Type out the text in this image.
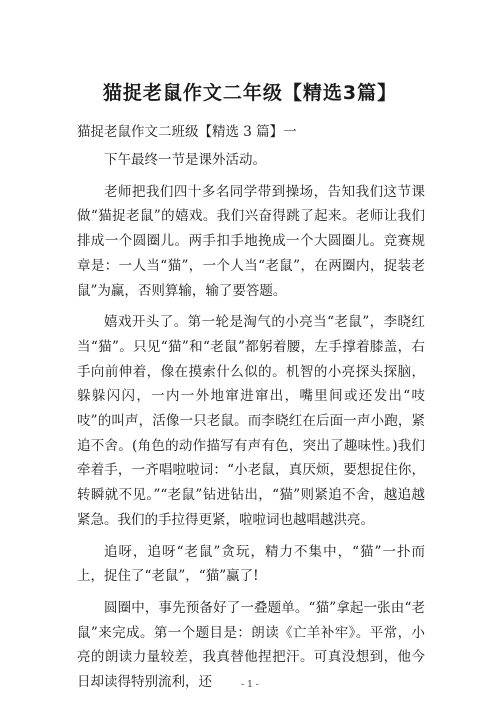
猫捉老鼠作文二年级【精选3篇】
猫捉老鼠作文二班级【精选 3 篇】一

下午最终一节是课外活动。

老师把我们四十多名同学带到操场，告知我们这节课做“猫捉老鼠”的嬉戏。我们兴奋得跳了起来。老师让我们排成一个圆圈儿。两手扣手地挽成一个大圆圈儿。竞赛规章是：一人当“猫”，一个人当“老鼠”，在两圈内，捉装老鼠”为赢，否则算输，输了要答题。

嬉戏开头了。第一轮是淘气的小亮当“老鼠”，李晓红当“猫”。只见“猫”和“老鼠”都躬着腰，左手撑着膝盖，右手向前伸着，像在摸索什么似的。机智的小亮探头探脑，躲躲闪闪，一内一外地窜进窜出，嘴里间或还发出“吱吱”的叫声，活像一只老鼠。而李晓红在后面一声小跑，紧追不舍。(角色的动作描写有声有色，突出了趣味性。)我们牵着手，一齐唱啦啦词：“小老鼠，真厌烦，要想捉住你，转瞬就不见。”“老鼠”钻进钻出，“猫”则紧追不舍，越追越紧急。我们的手拉得更紧，啦啦词也越唱越洪亮。

追呀，追呀“老鼠”贪玩，精力不集中，“猫”一扑而上，捉住了“老鼠”，“猫”赢了!

圆圈中，事先预备好了一叠题单。“猫”拿起一张由“老鼠”来完成。第一个题目是：朗读《亡羊补牢》。平常，小亮的朗读力量较差，我真替他捏把汗。可真没想到，他今日却读得特别流利，还	- 1 -
